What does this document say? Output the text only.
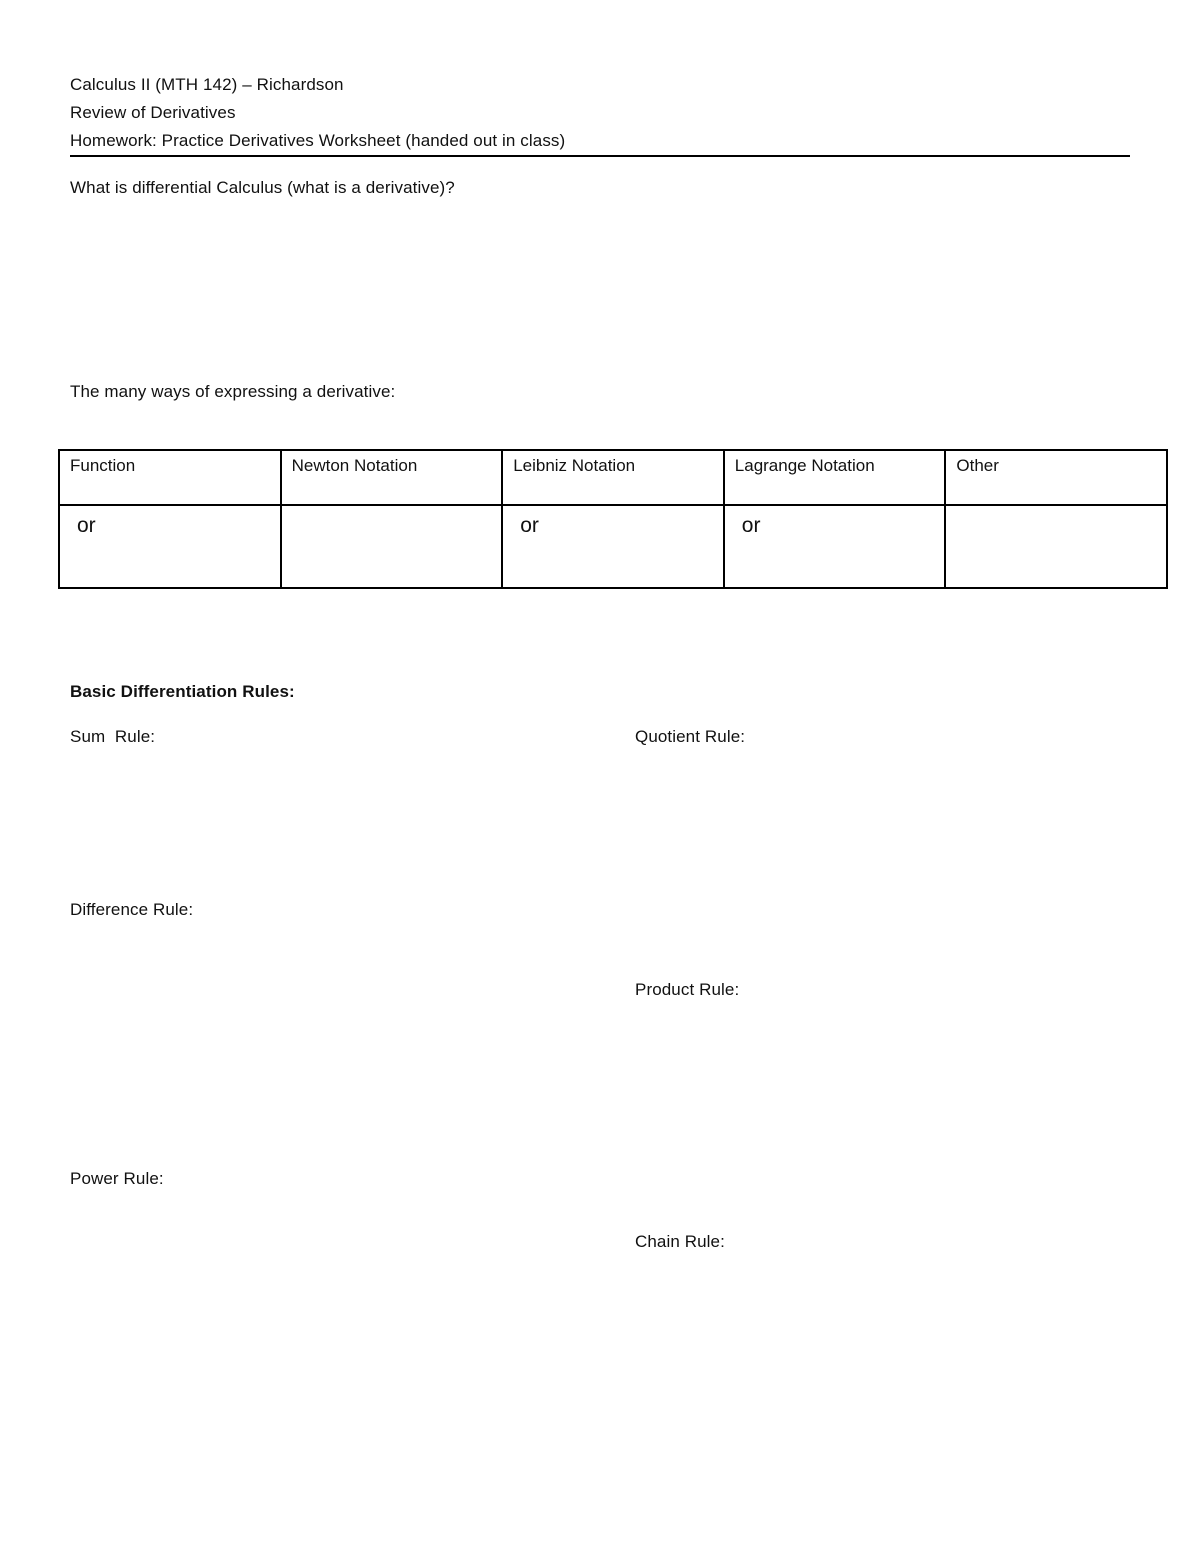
Calculus II (MTH 142) – Richardson
Review of Derivatives
Homework: Practice Derivatives Worksheet (handed out in class)
What is differential Calculus (what is a derivative)?
The many ways of expressing a derivative:
Function	Newton Notation	Leibniz Notation	Lagrange Notation	Other
or		or	or	
Basic Differentiation Rules:
Sum  Rule:	Quotient Rule:
Difference Rule:
Product Rule:
Power Rule:
Chain Rule:
